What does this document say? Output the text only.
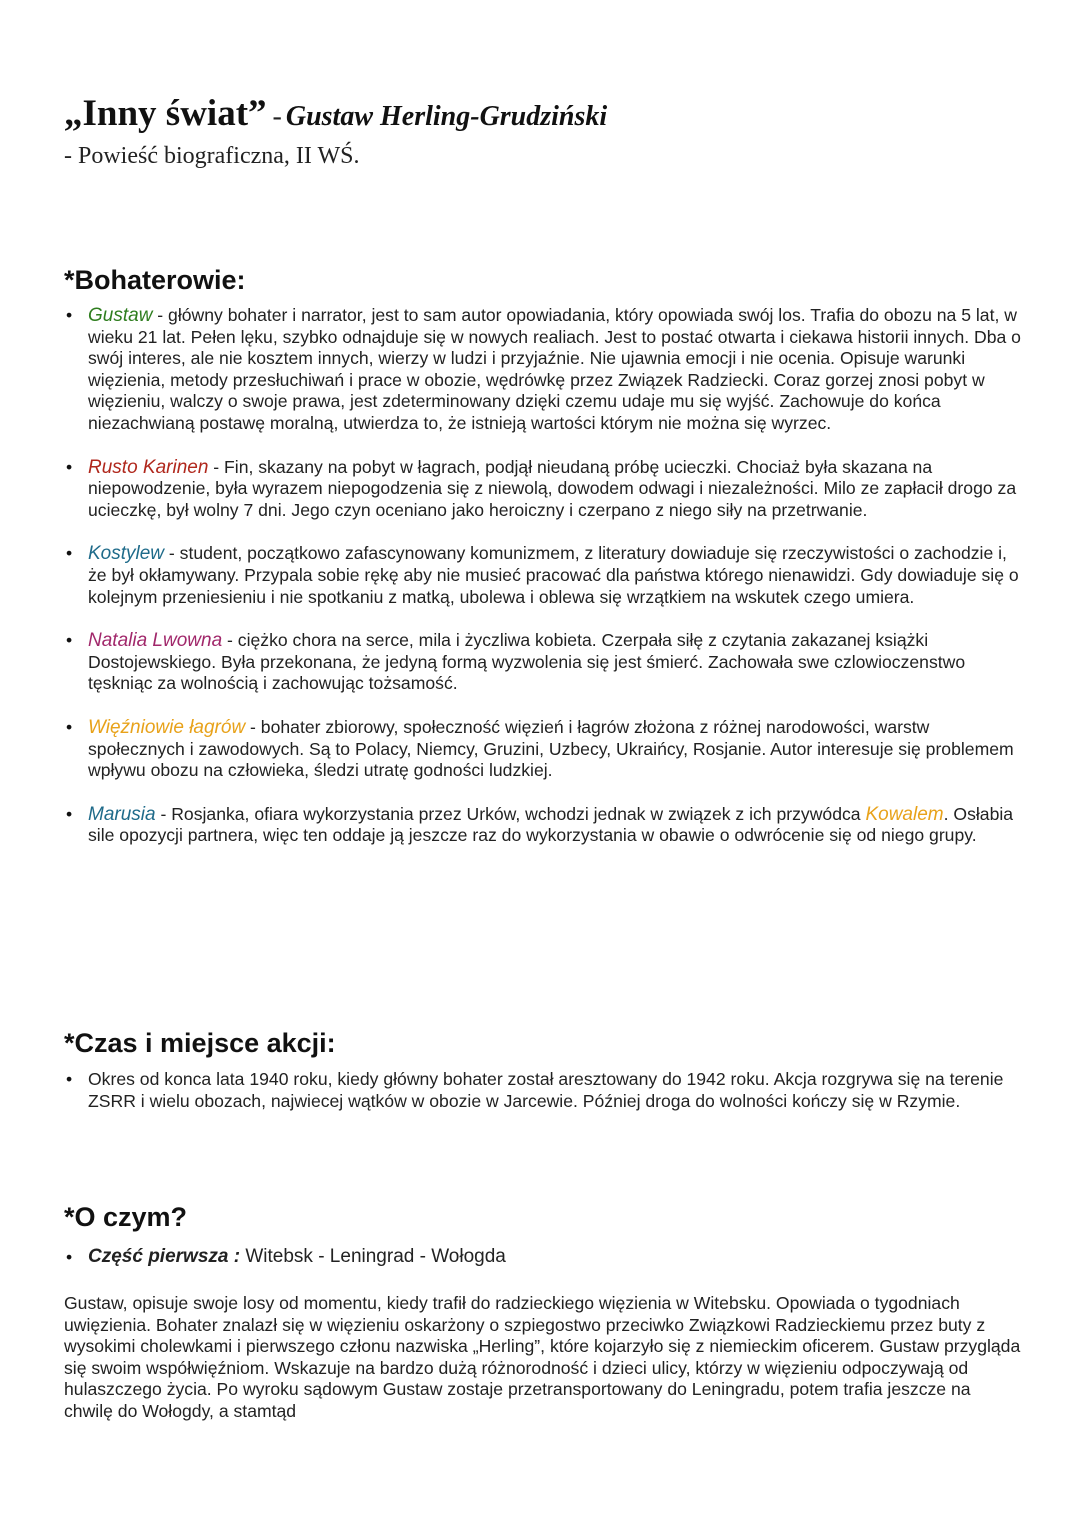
„Inny świat” - Gustaw Herling-Grudziński
- Powieść biograficzna, II WŚ.
*Bohaterowie:
• Gustaw - główny bohater i narrator, jest to sam autor opowiadania, który opowiada swój los. Trafia do obozu na 5 lat, w wieku 21 lat. Pełen lęku, szybko odnajduje się w nowych realiach. Jest to postać otwarta i ciekawa historii innych. Dba o swój interes, ale nie kosztem innych, wierzy w ludzi i przyjaźnie. Nie ujawnia emocji i nie ocenia. Opisuje warunki więzienia, metody przesłuchiwań i prace w obozie, wędrówkę przez Związek Radziecki. Coraz gorzej znosi pobyt w więzieniu, walczy o swoje prawa, jest zdeterminowany dzięki czemu udaje mu się wyjść. Zachowuje do końca niezachwianą postawę moralną, utwierdza to, że istnieją wartości którym nie można się wyrzec.
• Rusto Karinen - Fin, skazany na pobyt w łagrach, podjął nieudaną próbę ucieczki. Chociaż była skazana na niepowodzenie, była wyrazem niepogodzenia się z niewolą, dowodem odwagi i niezależności. Milo ze zapłacił drogo za ucieczkę, był wolny 7 dni. Jego czyn oceniano jako heroiczny i czerpano z niego siły na przetrwanie.
• Kostylew - student, początkowo zafascynowany komunizmem, z literatury dowiaduje się rzeczywistości o zachodzie i, że był okłamywany. Przypala sobie rękę aby nie musieć pracować dla państwa którego nienawidzi. Gdy dowiaduje się o kolejnym przeniesieniu i nie spotkaniu z matką, ubolewa i oblewa się wrzątkiem na wskutek czego umiera.
• Natalia Lwowna - ciężko chora na serce, mila i życzliwa kobieta. Czerpała siłę z czytania zakazanej książki Dostojewskiego. Była przekonana, że jedyną formą wyzwolenia się jest śmierć. Zachowała swe czlowioczenstwo tęskniąc za wolnością i zachowując tożsamość.
• Więźniowie łagrów - bohater zbiorowy, społeczność więzień i łagrów złożona z różnej narodowości, warstw społecznych i zawodowych. Są to Polacy, Niemcy, Gruzini, Uzbecy, Ukraińcy, Rosjanie. Autor interesuje się problemem wpływu obozu na człowieka, śledzi utratę godności ludzkiej.
• Marusia - Rosjanka, ofiara wykorzystania przez Urków, wchodzi jednak w związek z ich przywódca Kowalem. Osłabia sile opozycji partnera, więc ten oddaje ją jeszcze raz do wykorzystania w obawie o odwrócenie się od niego grupy.
*Czas i miejsce akcji:
• Okres od konca lata 1940 roku, kiedy główny bohater został aresztowany do 1942 roku. Akcja rozgrywa się na terenie ZSRR i wielu obozach, najwiecej wątków w obozie w Jarcewie. Później droga do wolności kończy się w Rzymie.
*O czym?
• Część pierwsza : Witebsk - Leningrad - Wołogda

Gustaw, opisuje swoje losy od momentu, kiedy trafił do radzieckiego więzienia w Witebsku. Opowiada o tygodniach uwięzienia. Bohater znalazł się w więzieniu oskarżony o szpiegostwo przeciwko Związkowi Radzieckiemu przez buty z wysokimi cholewkami i pierwszego członu nazwiska „Herling”, które kojarzyło się z niemieckim oficerem. Gustaw przygląda się swoim współwięźniom. Wskazuje na bardzo dużą różnorodność i dzieci ulicy, którzy w więzieniu odpoczywają od hulaszczego życia. Po wyroku sądowym Gustaw zostaje przetransportowany do Leningradu, potem trafia jeszcze na chwilę do Wołogdy, a stamtąd
